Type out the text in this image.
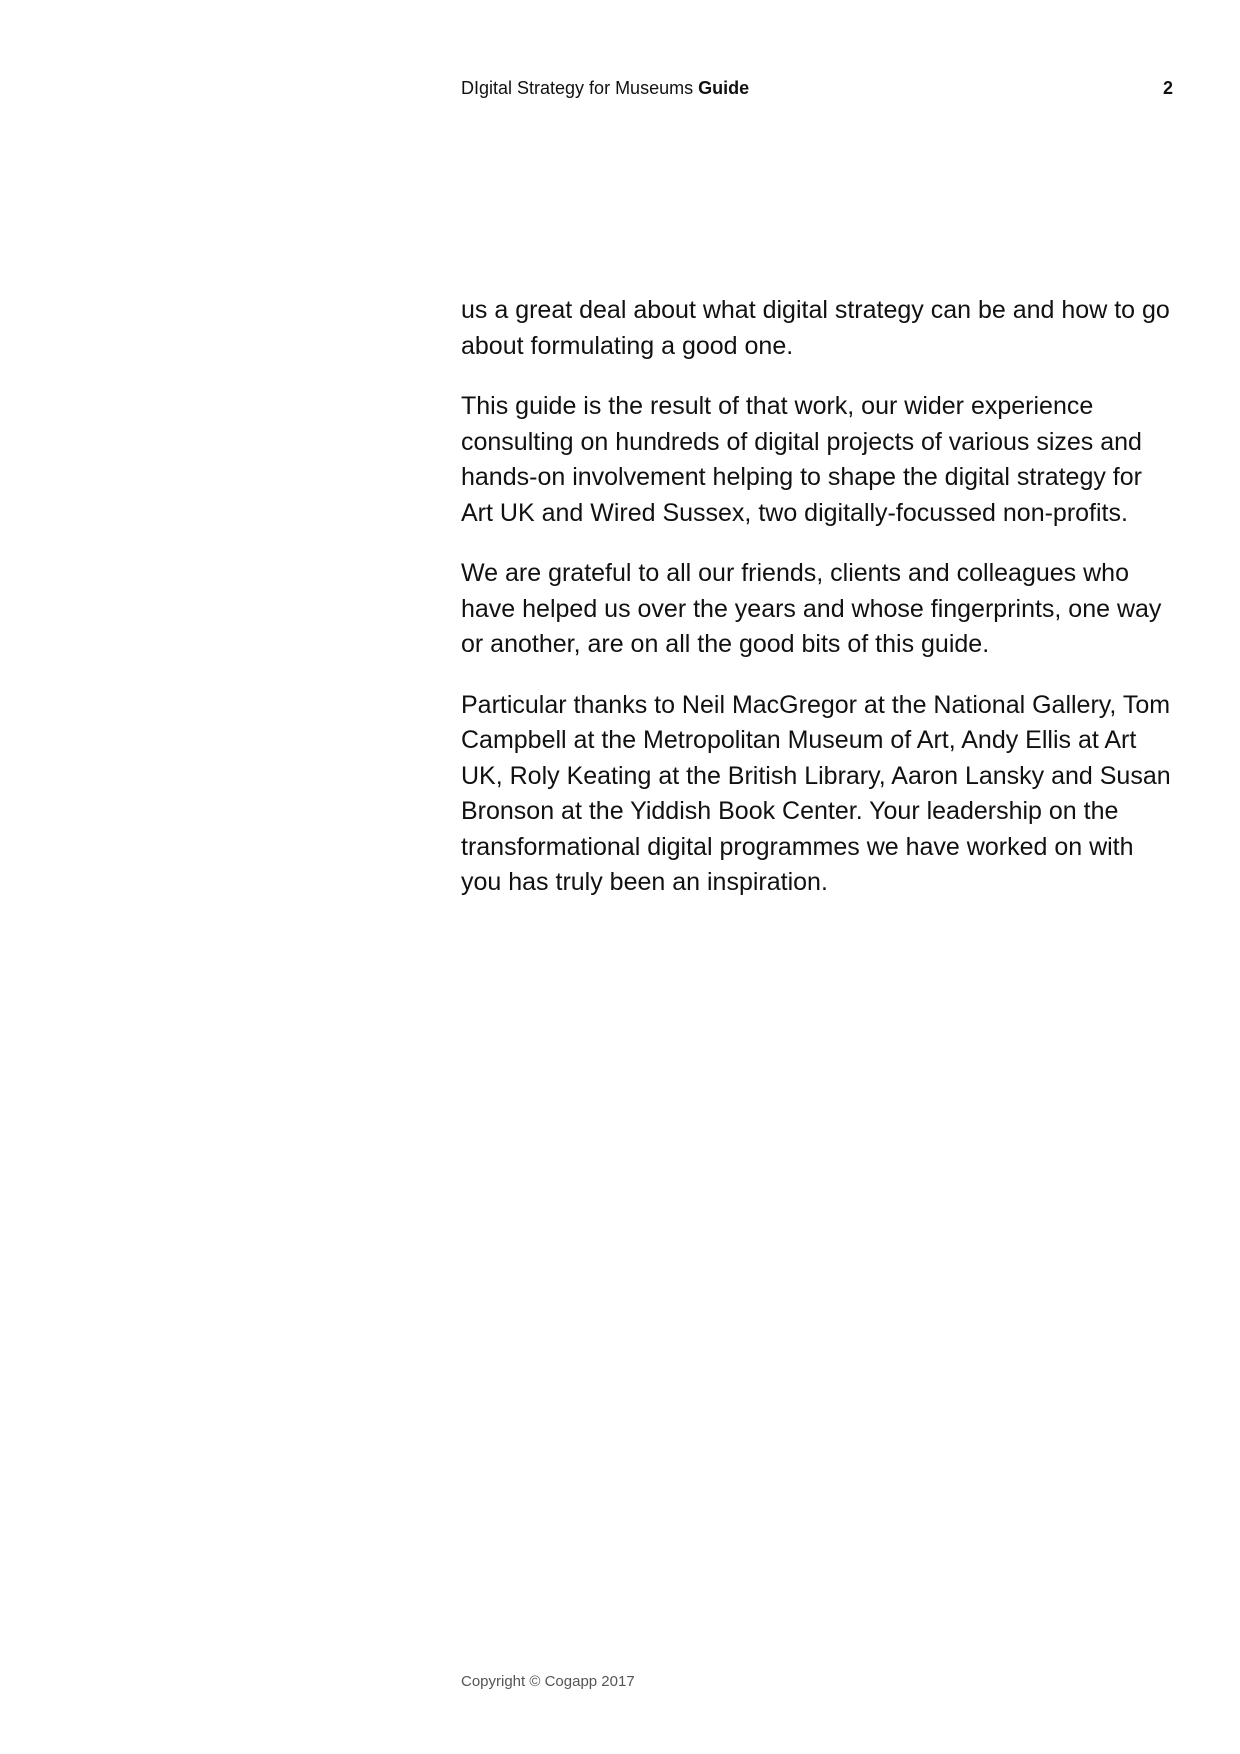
DIgital Strategy for Museums Guide	2

us a great deal about what digital strategy can be and how to go about formulating a good one.

This guide is the result of that work, our wider experience consulting on hundreds of digital projects of various sizes and hands-on involvement helping to shape the digital strategy for Art UK and Wired Sussex, two digitally-focussed non-profits.

We are grateful to all our friends, clients and colleagues who have helped us over the years and whose fingerprints, one way or another, are on all the good bits of this guide.

Particular thanks to Neil MacGregor at the National Gallery, Tom Campbell at the Metropolitan Museum of Art, Andy Ellis at Art UK, Roly Keating at the British Library, Aaron Lansky and Susan Bronson at the Yiddish Book Center. Your leadership on the transformational digital programmes we have worked on with you has truly been an inspiration.

Copyright © Cogapp 2017
